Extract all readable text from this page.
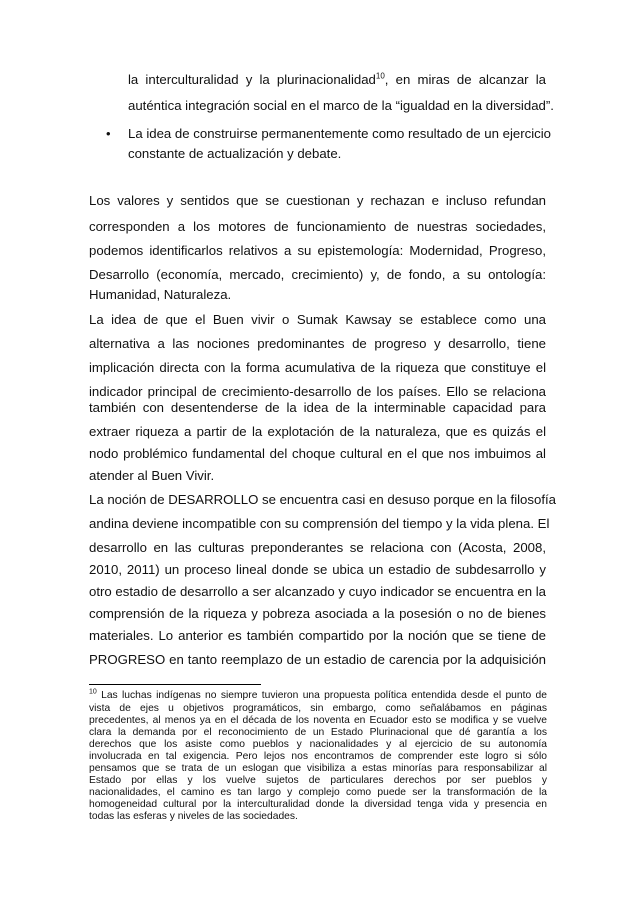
la interculturalidad y la plurinacionalidad$^{10}$, en miras de alcanzar la
auténtica integración social en el marco de la “igualdad en la diversidad”.
• La idea de construirse permanentemente como resultado de un ejercicio
constante de actualización y debate.
Los valores y sentidos que se cuestionan y rechazan e incluso refundan
corresponden a los motores de funcionamiento de nuestras sociedades,
podemos identificarlos relativos a su epistemología: Modernidad, Progreso,
Desarrollo (economía, mercado, crecimiento) y, de fondo, a su ontología:
Humanidad, Naturaleza.
La idea de que el Buen vivir o Sumak Kawsay se establece como una
alternativa a las nociones predominantes de progreso y desarrollo, tiene
implicación directa con la forma acumulativa de la riqueza que constituye el
indicador principal de crecimiento-desarrollo de los países. Ello se relaciona
también con desentenderse de la idea de la interminable capacidad para
extraer riqueza a partir de la explotación de la naturaleza, que es quizás el
nodo problémico fundamental del choque cultural en el que nos imbuimos al
atender al Buen Vivir.
La noción de DESARROLLO se encuentra casi en desuso porque en la filosofía
andina deviene incompatible con su comprensión del tiempo y la vida plena. El
desarrollo en las culturas preponderantes se relaciona con (Acosta, 2008,
2010, 2011) un proceso lineal donde se ubica un estadio de subdesarrollo y
otro estadio de desarrollo a ser alcanzado y cuyo indicador se encuentra en la
comprensión de la riqueza y pobreza asociada a la posesión o no de bienes
materiales. Lo anterior es también compartido por la noción que se tiene de
PROGRESO en tanto reemplazo de un estadio de carencia por la adquisición
$^{10}$ Las luchas indígenas no siempre tuvieron una propuesta política entendida desde el punto de
vista de ejes u objetivos programáticos, sin embargo, como señalábamos en páginas
precedentes, al menos ya en el década de los noventa en Ecuador esto se modifica y se vuelve
clara la demanda por el reconocimiento de un Estado Plurinacional que dé garantía a los
derechos que los asiste como pueblos y nacionalidades y al ejercicio de su autonomía
involucrada en tal exigencia. Pero lejos nos encontramos de comprender este logro si sólo
pensamos que se trata de un eslogan que visibiliza a estas minorías para responsabilizar al
Estado por ellas y los vuelve sujetos de particulares derechos por ser pueblos y
nacionalidades, el camino es tan largo y complejo como puede ser la transformación de la
homogeneidad cultural por la interculturalidad donde la diversidad tenga vida y presencia en
todas las esferas y niveles de las sociedades.
